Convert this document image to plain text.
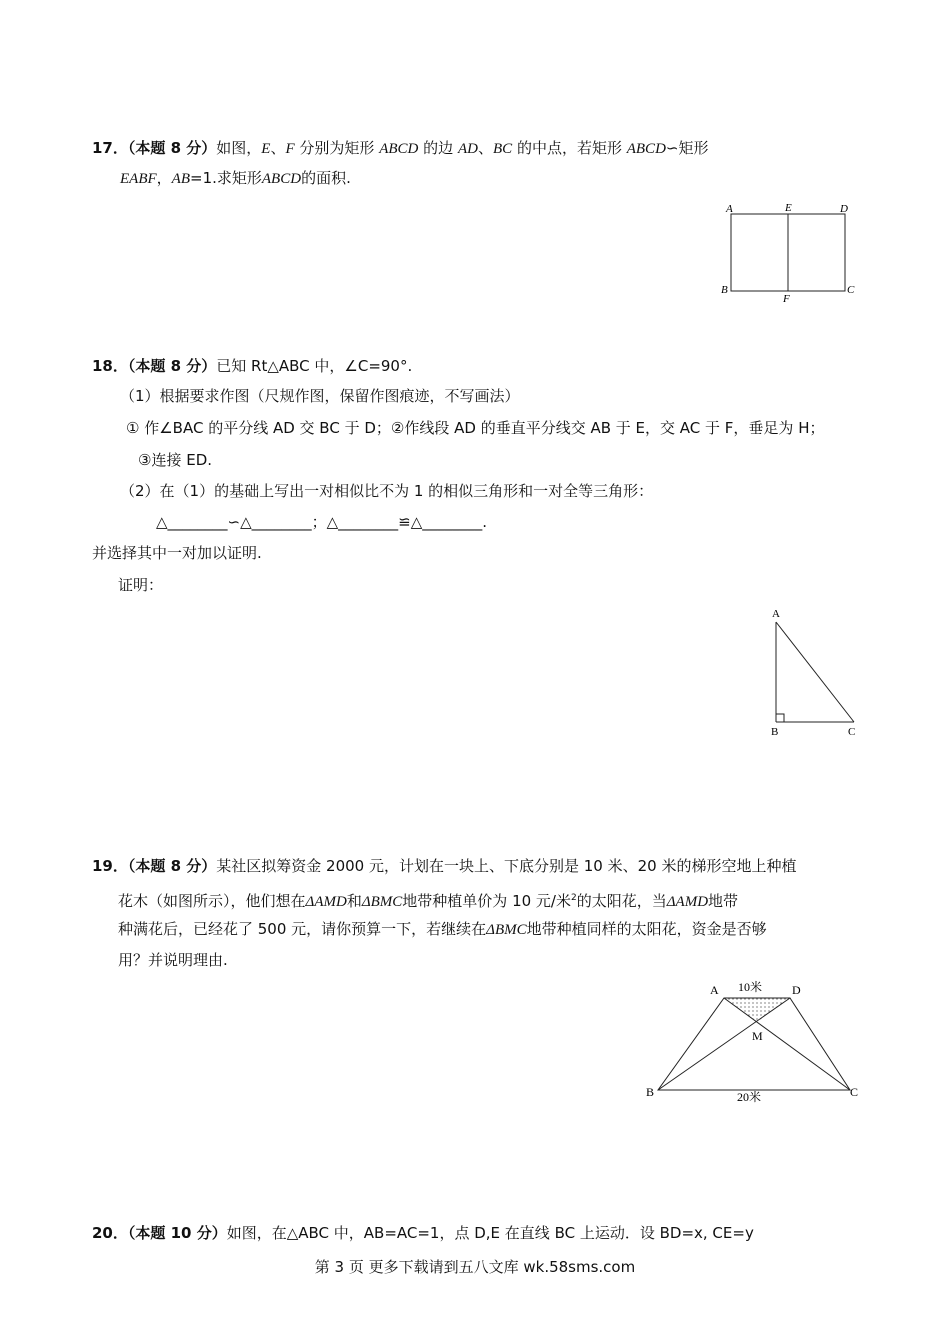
17．（本题 8 分）如图，E、F 分别为矩形 ABCD 的边 AD、BC 的中点，若矩形 ABCD∽矩形
EABF，AB=1.求矩形ABCD的面积.
A	E	D
B
F
C
18．（本题 8 分）已知 Rt△ABC 中，∠C=90°.
（1）根据要求作图（尺规作图，保留作图痕迹，不写画法）
① 作∠BAC 的平分线 AD 交 BC 于 D；②作线段 AD 的垂直平分线交 AB 于 E，交 AC 于 F，垂足为 H；
③连接 ED.
（2）在（1）的基础上写出一对相似比不为 1 的相似三角形和一对全等三角形：
△________∽△________；△________≌△________.
并选择其中一对加以证明.
证明：
A
B	C
19．（本题 8 分）某社区拟筹资金 2000 元，计划在一块上、下底分别是 10 米、20 米的梯形空地上种植
花木（如图所示），他们想在ΔAMD和ΔBMC地带种植单价为 10 元/米$^2$的太阳花，当ΔAMD地带
种满花后，已经花了 500 元，请你预算一下，若继续在ΔBMC地带种植同样的太阳花，资金是否够
用？并说明理由.
A 10米 D
M
B	20米	C
20．（本题 10 分）如图，在△ABC 中，AB=AC=1，点 D,E 在直线 BC 上运动．设 BD=x, CE=y
第 3 页 更多下载请到五八文库 wk.58sms.com
